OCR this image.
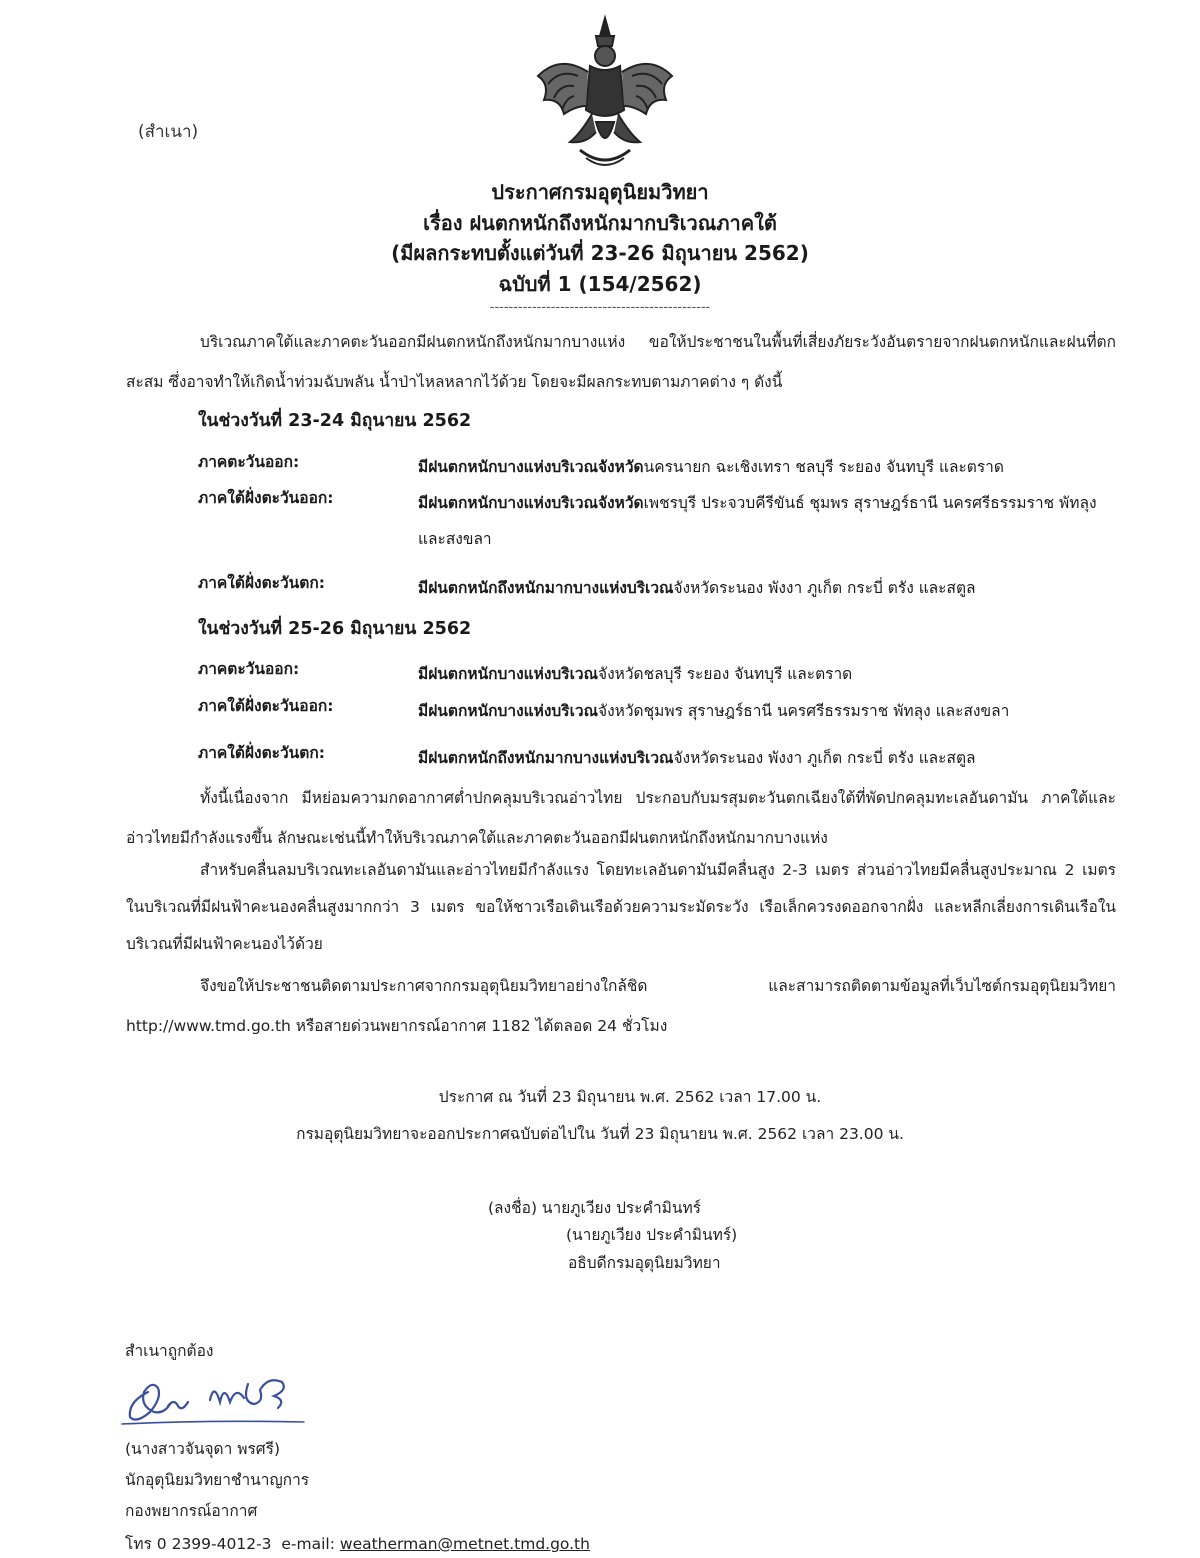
(สำเนา)
ประกาศกรมอุตุนิยมวิทยา
เรื่อง ฝนตกหนักถึงหนักมากบริเวณภาคใต้
(มีผลกระทบตั้งแต่วันที่ 23-26 มิถุนายน 2562)
ฉบับที่ 1 (154/2562)
-----------------------------------------------
บริเวณภาคใต้และภาคตะวันออกมีฝนตกหนักถึงหนักมากบางแห่ง ขอให้ประชาชนในพื้นที่เสี่ยงภัยระวังอันตรายจากฝนตกหนักและฝนที่ตกสะสม ซึ่งอาจทำให้เกิดน้ำท่วมฉับพลัน น้ำป่าไหลหลากไว้ด้วย โดยจะมีผลกระทบตามภาคต่าง ๆ ดังนี้
ในช่วงวันที่ 23-24 มิถุนายน 2562
ภาคตะวันออก:	มีฝนตกหนักบางแห่งบริเวณจังหวัดนครนายก ฉะเชิงเทรา ชลบุรี ระยอง จันทบุรี และตราด
ภาคใต้ฝั่งตะวันออก:	มีฝนตกหนักบางแห่งบริเวณจังหวัดเพชรบุรี ประจวบคีรีขันธ์ ชุมพร สุราษฎร์ธานี นครศรีธรรมราช พัทลุง และสงขลา
ภาคใต้ฝั่งตะวันตก:	มีฝนตกหนักถึงหนักมากบางแห่งบริเวณจังหวัดระนอง พังงา ภูเก็ต กระบี่ ตรัง และสตูล
ในช่วงวันที่ 25-26 มิถุนายน 2562
ภาคตะวันออก:	มีฝนตกหนักบางแห่งบริเวณจังหวัดชลบุรี ระยอง จันทบุรี และตราด
ภาคใต้ฝั่งตะวันออก:	มีฝนตกหนักบางแห่งบริเวณจังหวัดชุมพร สุราษฎร์ธานี นครศรีธรรมราช พัทลุง และสงขลา
ภาคใต้ฝั่งตะวันตก:	มีฝนตกหนักถึงหนักมากบางแห่งบริเวณจังหวัดระนอง พังงา ภูเก็ต กระบี่ ตรัง และสตูล
ทั้งนี้เนื่องจาก มีหย่อมความกดอากาศต่ำปกคลุมบริเวณอ่าวไทย ประกอบกับมรสุมตะวันตกเฉียงใต้ที่พัดปกคลุมทะเลอันดามัน ภาคใต้และอ่าวไทยมีกำลังแรงขึ้น ลักษณะเช่นนี้ทำให้บริเวณภาคใต้และภาคตะวันออกมีฝนตกหนักถึงหนักมากบางแห่ง
สำหรับคลื่นลมบริเวณทะเลอันดามันและอ่าวไทยมีกำลังแรง โดยทะเลอันดามันมีคลื่นสูง 2-3 เมตร ส่วนอ่าวไทยมีคลื่นสูงประมาณ 2 เมตร ในบริเวณที่มีฝนฟ้าคะนองคลื่นสูงมากกว่า 3 เมตร ขอให้ชาวเรือเดินเรือด้วยความระมัดระวัง เรือเล็กควรงดออกจากฝั่ง และหลีกเลี่ยงการเดินเรือในบริเวณที่มีฝนฟ้าคะนองไว้ด้วย
จึงขอให้ประชาชนติดตามประกาศจากกรมอุตุนิยมวิทยาอย่างใกล้ชิด และสามารถติดตามข้อมูลที่เว็บไซต์กรมอุตุนิยมวิทยา http://www.tmd.go.th หรือสายด่วนพยากรณ์อากาศ 1182 ได้ตลอด 24 ชั่วโมง
ประกาศ ณ วันที่ 23 มิถุนายน พ.ศ. 2562 เวลา 17.00 น.
กรมอุตุนิยมวิทยาจะออกประกาศฉบับต่อไปใน วันที่ 23 มิถุนายน พ.ศ. 2562 เวลา 23.00 น.
(ลงชื่อ) นายภูเวียง ประคำมินทร์
(นายภูเวียง ประคำมินทร์)
อธิบดีกรมอุตุนิยมวิทยา
สำเนาถูกต้อง
(นางสาวจันจุดา พรศรี)
นักอุตุนิยมวิทยาชำนาญการ
กองพยากรณ์อากาศ
โทร 0 2399-4012-3 e-mail: weatherman@metnet.tmd.go.th
